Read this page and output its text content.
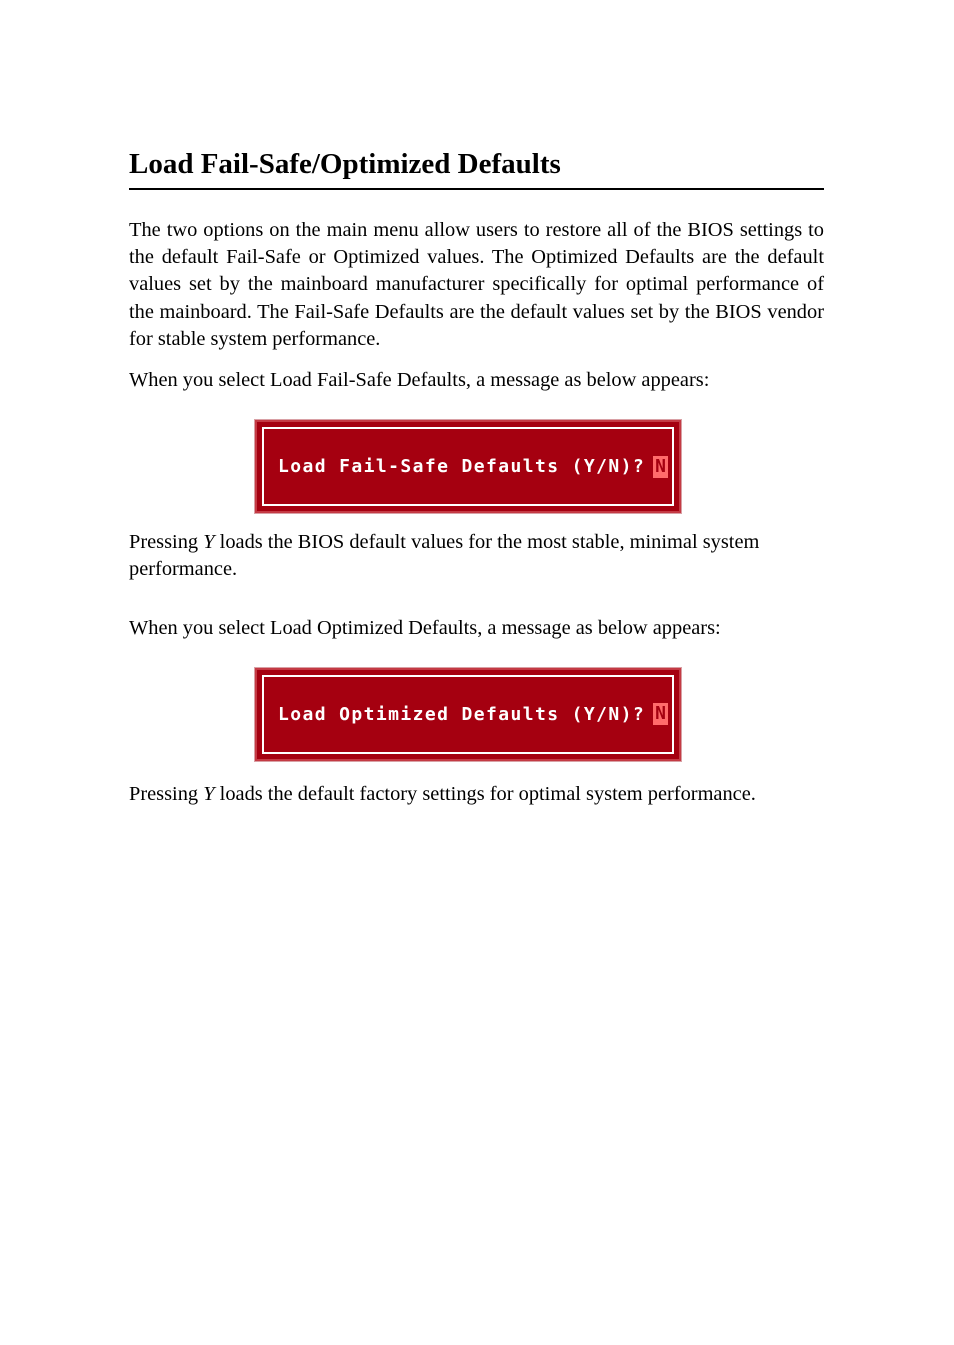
Load Fail-Safe/Optimized Defaults

The two options on the main menu allow users to restore all of the BIOS settings to the default Fail-Safe or Optimized values. The Optimized Defaults are the default values set by the mainboard manufacturer specifically for optimal performance of the mainboard. The Fail-Safe Defaults are the default values set by the BIOS vendor for stable system performance.

When you select Load Fail-Safe Defaults, a message as below appears:

Load Fail-Safe Defaults (Y/N)? N

Pressing Y loads the BIOS default values for the most stable, minimal system performance.

When you select Load Optimized Defaults, a message as below appears:

Load Optimized Defaults (Y/N)? N

Pressing Y loads the default factory settings for optimal system performance.
